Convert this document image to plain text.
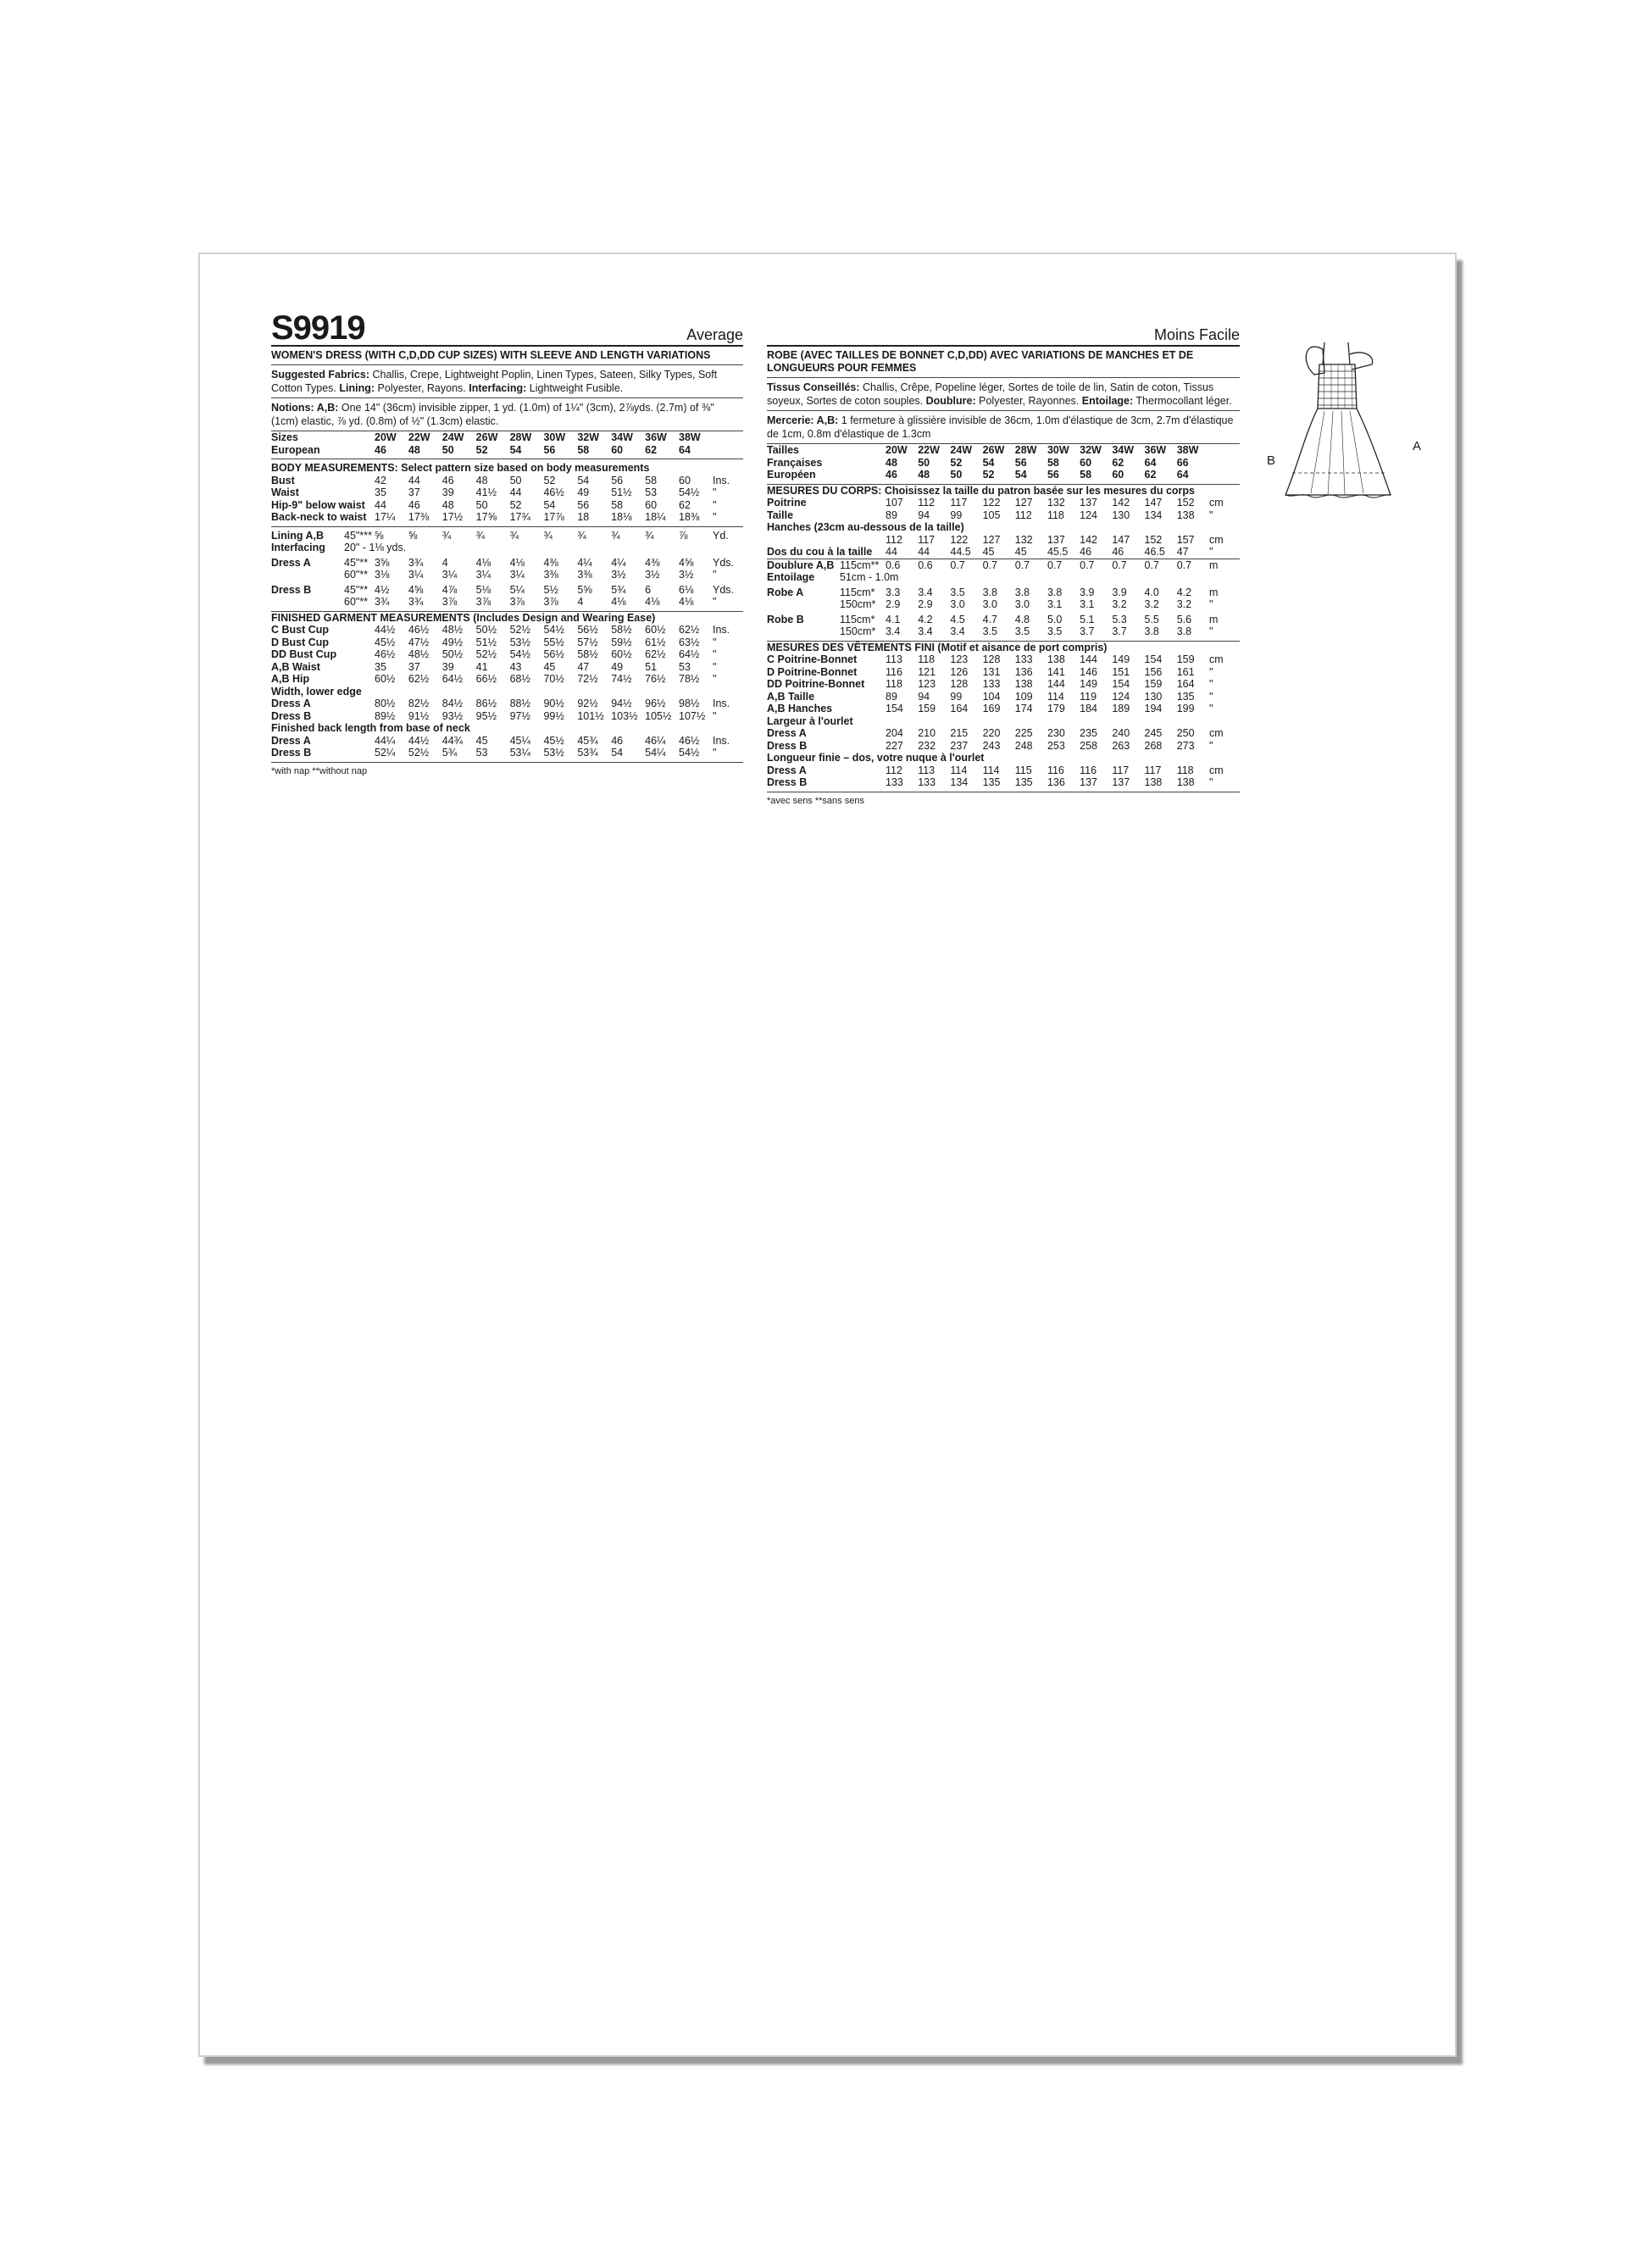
S9919	Average
WOMEN'S DRESS (WITH C,D,DD CUP SIZES) WITH SLEEVE AND LENGTH VARIATIONS
Suggested Fabrics: Challis, Crepe, Lightweight Poplin, Linen Types, Sateen, Silky Types, Soft Cotton Types. Lining: Polyester, Rayons. Interfacing: Lightweight Fusible.
Notions: A,B: One 14" (36cm) invisible zipper, 1 yd. (1.0m) of 1¼" (3cm), 2⅞yds. (2.7m) of ⅜" (1cm) elastic, ⅞ yd. (0.8m) of ½" (1.3cm) elastic.
Sizes		20W	22W	24W	26W	28W	30W	32W	34W	36W	38W	
European		46	48	50	52	54	56	58	60	62	64	

BODY MEASUREMENTS: Select pattern size based on body measurements												
Bust		42	44	46	48	50	52	54	56	58	60	Ins.
Waist		35	37	39	41½	44	46½	49	51½	53	54½	"
Hip-9" below waist		44	46	48	50	52	54	56	58	60	62	"
Back-neck to waist		17¼	17⅜	17½	17⅝	17¾	17⅞	18	18⅛	18¼	18⅜	"

Lining A,B	45"***	⅝	⅝	¾	¾	¾	¾	¾	¾	¾	⅞	Yd.
Interfacing	20" - 1⅛ yds.											
Dress A	45"**	3⅝	3¾	4	4⅛	4⅛	4⅜	4¼	4¼	4⅜	4⅝	Yds.
	60"**	3⅛	3¼	3¼	3¼	3¼	3⅜	3⅜	3½	3½	3½	"
Dress B	45"**	4½	4⅝	4⅞	5⅛	5¼	5½	5⅝	5¾	6	6⅛	Yds.
	60"**	3¾	3¾	3⅞	3⅞	3⅞	3⅞	4	4⅛	4⅛	4⅛	"

FINISHED GARMENT MEASUREMENTS (Includes Design and Wearing Ease)												
C Bust Cup		44½	46½	48½	50½	52½	54½	56½	58½	60½	62½	Ins.
D Bust Cup		45½	47½	49½	51½	53½	55½	57½	59½	61½	63½	"
DD Bust Cup		46½	48½	50½	52½	54½	56½	58½	60½	62½	64½	"
A,B Waist		35	37	39	41	43	45	47	49	51	53	"
A,B Hip		60½	62½	64½	66½	68½	70½	72½	74½	76½	78½	"
Width, lower edge												
Dress A		80½	82½	84½	86½	88½	90½	92½	94½	96½	98½	Ins.
Dress B		89½	91½	93½	95½	97½	99½	101½	103½	105½	107½	"
Finished back length from base of neck												
Dress A		44¼	44½	44¾	45	45¼	45½	45¾	46	46¼	46½	Ins.
Dress B		52¼	52½	5¾	53	53¼	53½	53¾	54	54¼	54½	"

*with nap **without nap
Moins Facile
ROBE (AVEC TAILLES DE BONNET C,D,DD) AVEC VARIATIONS DE MANCHES ET DE LONGUEURS POUR FEMMES
Tissus Conseillés: Challis, Crêpe, Popeline léger, Sortes de toile de lin, Satin de coton, Tissus soyeux, Sortes de coton souples. Doublure: Polyester, Rayonnes. Entoilage: Thermocollant léger.
Mercerie: A,B: 1 fermeture à glissière invisible de 36cm, 1.0m d'élastique de 3cm, 2.7m d'élastique de 1cm, 0.8m d'élastique de 1.3cm
Tailles		20W	22W	24W	26W	28W	30W	32W	34W	36W	38W	
Françaises		48	50	52	54	56	58	60	62	64	66	
Européen		46	48	50	52	54	56	58	60	62	64	

MESURES DU CORPS: Choisissez la taille du patron basée sur les mesures du corps												
Poitrine		107	112	117	122	127	132	137	142	147	152	cm
Taille		89	94	99	105	112	118	124	130	134	138	"
Hanches (23cm au-dessous de la taille)												
		112	117	122	127	132	137	142	147	152	157	cm
Dos du cou à la taille		44	44	44.5	45	45	45.5	46	46	46.5	47	"
Doublure A,B	115cm**	0.6	0.6	0.7	0.7	0.7	0.7	0.7	0.7	0.7	0.7	m
Entoilage	51cm - 1.0m											
Robe A	115cm*	3.3	3.4	3.5	3.8	3.8	3.8	3.9	3.9	4.0	4.2	m
	150cm*	2.9	2.9	3.0	3.0	3.0	3.1	3.1	3.2	3.2	3.2	"
Robe B	115cm*	4.1	4.2	4.5	4.7	4.8	5.0	5.1	5.3	5.5	5.6	m
	150cm*	3.4	3.4	3.4	3.5	3.5	3.5	3.7	3.7	3.8	3.8	"

MESURES DES VÊTEMENTS FINI (Motif et aisance de port compris)												
C Poitrine-Bonnet		113	118	123	128	133	138	144	149	154	159	cm
D Poitrine-Bonnet		116	121	126	131	136	141	146	151	156	161	"
DD Poitrine-Bonnet		118	123	128	133	138	144	149	154	159	164	"
A,B Taille		89	94	99	104	109	114	119	124	130	135	"
A,B Hanches		154	159	164	169	174	179	184	189	194	199	"
Largeur à l'ourlet												
Dress A		204	210	215	220	225	230	235	240	245	250	cm
Dress B		227	232	237	243	248	253	258	263	268	273	"
Longueur finie – dos, votre nuque à l'ourlet												
Dress A		112	113	114	114	115	116	116	117	117	118	cm
Dress B		133	133	134	135	135	136	137	137	138	138	"

*avec sens **sans sens
A
B
